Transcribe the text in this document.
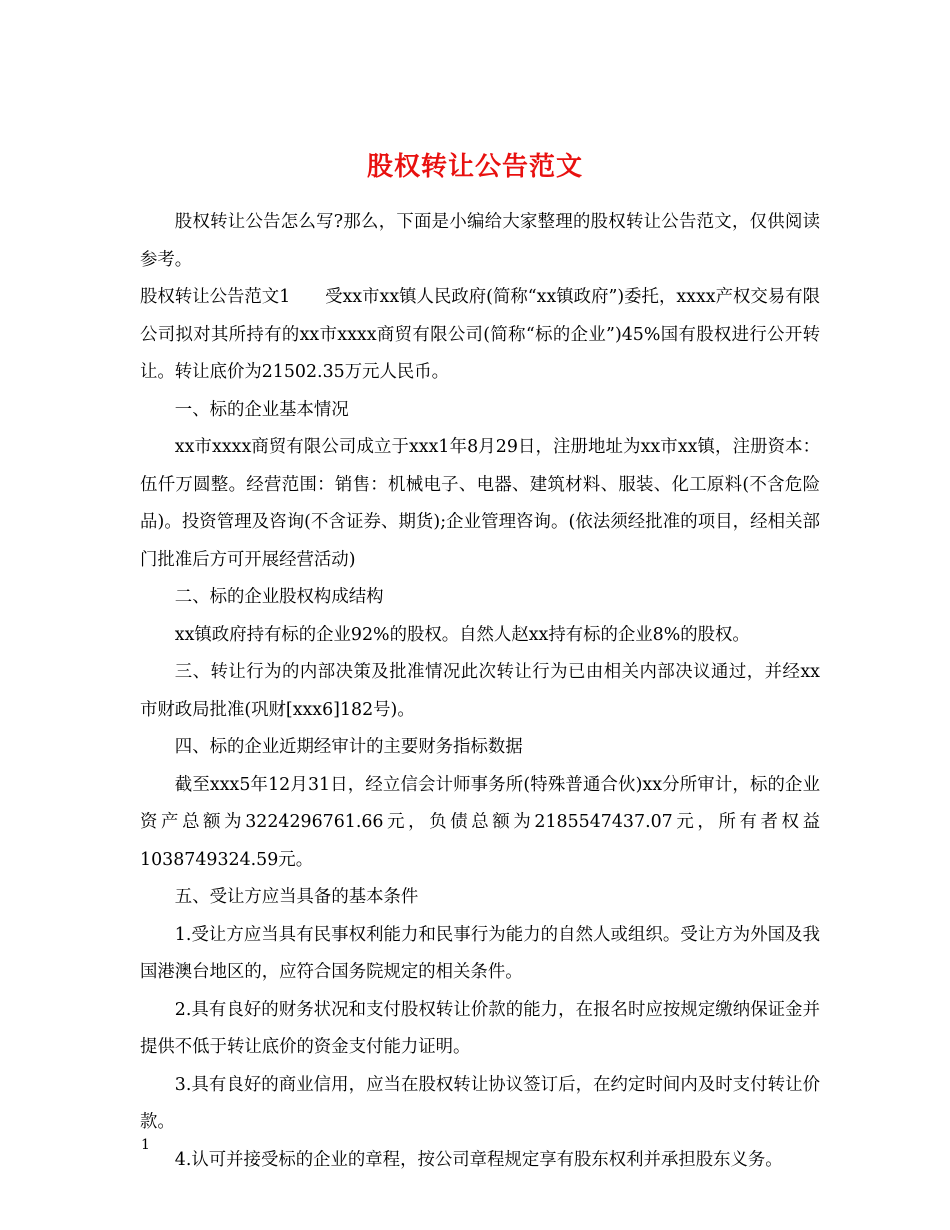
股权转让公告范文

股权转让公告怎么写?那么，下面是小编给大家整理的股权转让公告范文，仅供阅读参考。

股权转让公告范文1　　受xx市xx镇人民政府(简称“xx镇政府”)委托，xxxx产权交易有限公司拟对其所持有的xx市xxxx商贸有限公司(简称“标的企业”)45%国有股权进行公开转让。转让底价为21502.35万元人民币。

一、标的企业基本情况

xx市xxxx商贸有限公司成立于xxx1年8月29日，注册地址为xx市xx镇，注册资本：伍仟万圆整。经营范围：销售：机械电子、电器、建筑材料、服装、化工原料(不含危险品)。投资管理及咨询(不含证券、期货);企业管理咨询。(依法须经批准的项目，经相关部门批准后方可开展经营活动)

二、标的企业股权构成结构

xx镇政府持有标的企业92%的股权。自然人赵xx持有标的企业8%的股权。

三、转让行为的内部决策及批准情况此次转让行为已由相关内部决议通过，并经xx市财政局批准(巩财[xxx6]182号)。

四、标的企业近期经审计的主要财务指标数据

截至xxx5年12月31日，经立信会计师事务所(特殊普通合伙)xx分所审计，标的企业资产总额为3224296761.66元，负债总额为2185547437.07元，所有者权益1038749324.59元。

五、受让方应当具备的基本条件

1.受让方应当具有民事权利能力和民事行为能力的自然人或组织。受让方为外国及我国港澳台地区的，应符合国务院规定的相关条件。

2.具有良好的财务状况和支付股权转让价款的能力，在报名时应按规定缴纳保证金并提供不低于转让底价的资金支付能力证明。

3.具有良好的商业信用，应当在股权转让协议签订后，在约定时间内及时支付转让价款。

4.认可并接受标的企业的章程，按公司章程规定享有股东权利并承担股东义务。

1
